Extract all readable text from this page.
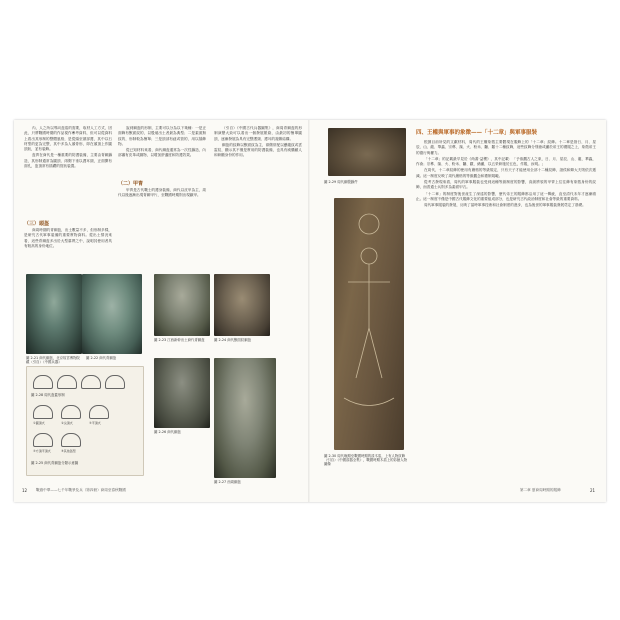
內，人之所以導向盔盾的需要，取材人工方式，因此，只將戰國時期的作品視作參考資料，但可以從資料上看出其形制的整體風格，是從頭至頸部護，其中以石材型的更為完整，其中多為人頭骨形，即在頭頂上作圓頂狀，並有裝飾。

盔胄在商代是一種重要的防護裝備，主要由青銅鑄造，其形制通常為圓頂、兩側下垂以護耳頸，正面開有面孔，盔頂常有插纓的管狀裝置。

（三）頭盔

商周時期的青銅盔，出土數量不多，但形制多樣，是研究古代軍事裝備的重要實物資料。從出土情況來看，這些青銅盔多出於大型墓葬之中，說明其使用者具有較高的身份地位。

說到銅盔的形制，主要可以分為以下幾種：一是正面飾有獸面紋的，以殷墟出土者最為典型；二是素面無紋的，形制較為簡單；三是頂部有鈕或管的，用以插飾物。

從已知材料來看，商代銅盔通常為一次性鑄造，內部襯有皮革或織物，以增加舒適度和防護效果。

（二）甲胄

甲胄是古代戰士的護身裝備，商代以皮甲為主，周代以後逐漸出現青銅甲片，至戰國時期則出現鐵甲。

（引自）《中國古代兵器圖集》，商周青銅盔的形制演變大致可以看出一個發展脈絡，由最初的簡單圓頂，逐漸發展為具有完整護頸、護耳的複雜結構。

銅盔的紋飾以獸面紋為主，兩側常配以夔龍紋或雲雷紋，顯示其不僅是實用的防護裝備，也具有威懾敵人和彰顯身份的作用。

圖 2-21 商代銅盔，北京故宮博物院藏（引自）《中國兵器》
圖 2-22 商代青銅盔
圖 2-23 江西新幹出土商代青銅盔	圖 2-24 商代獸面紋銅盔
圖 2-26 商代銅盔
圖 2-27 西周銅盔
圖 2-28 周代盔蓋形制
①圓頂式	②尖頂式	③平頂式
④方頂平頂式	⑤其他盔型
圖 2-25 商代青銅盔分類示意圖
12 戰旗中華——七千年戰爭及兵（第四冊）商周至春秋戰國
圖 2-29 周代銅製鑄件
圖 2-30 周代晚期至戰國時期的漆木盾，上有人物紋飾（引自）《中國漆器全集》，戰國時期木盾上的彩繪人物圖像
四、王權與軍事的象徵——「十二章」與軍事服裝

根據目前所見的文獻材料，周代的王權象徵主要體現在服飾上的「十二章」紋飾。十二章是指日、月、星辰、山、龍、華蟲、宗彝、藻、火、粉米、黼、黻十二種紋飾，這些紋飾分別繪或繡於帝王的禮服之上，象徵帝王的德行與權力。

「十二章」的記載最早見於《尚書·益稷》，其中記載：「予欲觀古人之象，日、月、星辰、山、龍、華蟲，作會；宗彝、藻、火、粉米、黼、黻，絺繡，以五采彰施於五色，作服，汝明。」

在周代，十二章紋飾的使用有嚴格的等級規定，只有天子才能使用全部十二種紋飾，諸侯和卿大夫則依次遞減。這一制度反映了周代嚴格的等級觀念和禮制規範。

從考古發現來看，周代的軍事服裝也受到這種等級制度的影響，高級將領的甲胄上往往飾有象徵身份的紋飾，而普通士兵則多為素面甲衣。

「十二章」的制度對後世產生了深遠的影響，歷代帝王的服飾都沿用了這一傳統，直至清代末年才逐漸廢止。這一制度不僅是中國古代服飾文化的重要組成部分，也是研究古代政治制度和社會等級的重要資料。

周代軍事服裝的發展，反映了當時軍事技術和社會制度的進步，也為後世的軍事服裝發展奠定了基礎。

第二章 夏商周時期的服飾	21
